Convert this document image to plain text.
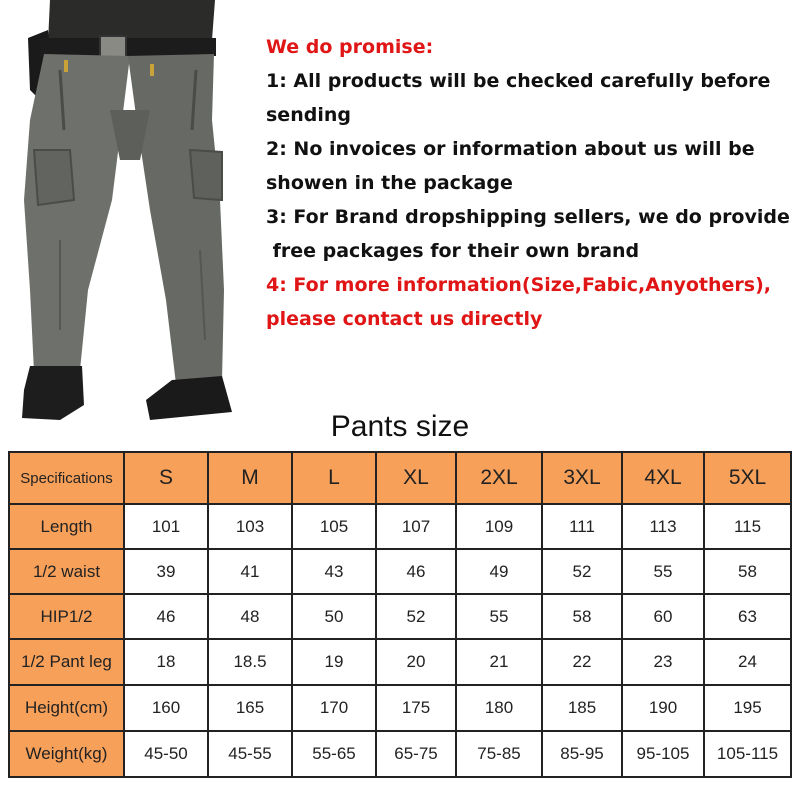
We do promise:
1: All products will be checked carefully before
sending
2: No invoices or information about us will be
showen in the package
3: For Brand dropshipping sellers, we do provide
free packages for their own brand
4: For more information(Size,Fabic,Anyothers),
please contact us directly
Pants size
Specifications	S	M	L	XL	2XL	3XL	4XL	5XL
Length	101	103	105	107	109	111	113	115
1/2 waist	39	41	43	46	49	52	55	58
HIP1/2	46	48	50	52	55	58	60	63
1/2 Pant leg	18	18.5	19	20	21	22	23	24
Height(cm)	160	165	170	175	180	185	190	195
Weight(kg)	45-50	45-55	55-65	65-75	75-85	85-95	95-105	105-115
